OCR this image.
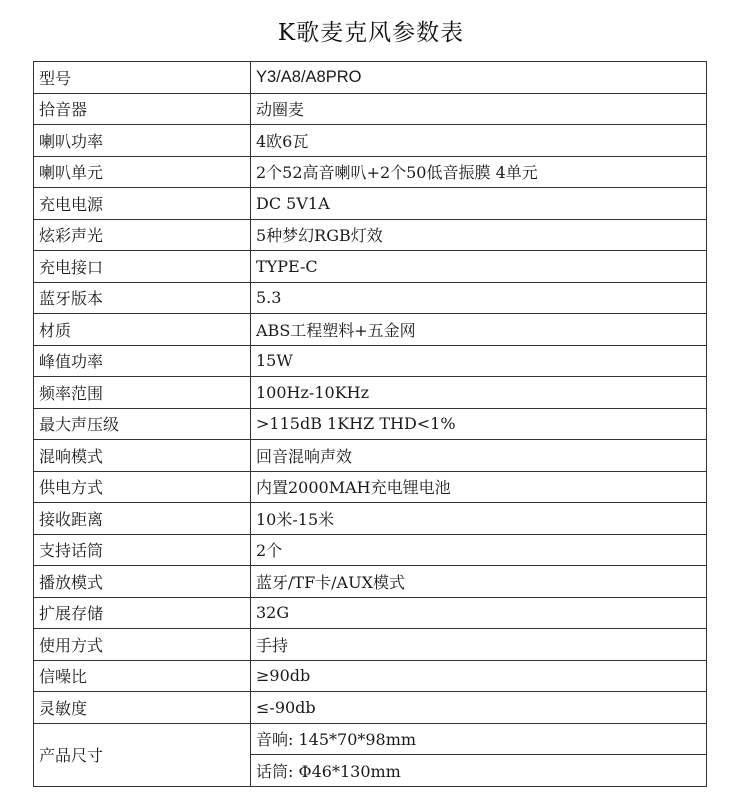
K歌麦克风参数表
型号	Y3/A8/A8PRO
拾音器	动圈麦
喇叭功率	4欧6瓦
喇叭单元	2个52高音喇叭+2个50低音振膜 4单元
充电电源	DC 5V1A
炫彩声光	5种梦幻RGB灯效
充电接口	TYPE-C
蓝牙版本	5.3
材质	ABS工程塑料+五金网
峰值功率	15W
频率范围	100Hz-10KHz
最大声压级	>115dB 1KHZ THD<1%
混响模式	回音混响声效
供电方式	内置2000MAH充电锂电池
接收距离	10米-15米
支持话筒	2个
播放模式	蓝牙/TF卡/AUX模式
扩展存储	32G
使用方式	手持
信噪比	≥90db
灵敏度	≤-90db
产品尺寸	音响: 145*70*98mm
	话筒: Φ46*130mm
